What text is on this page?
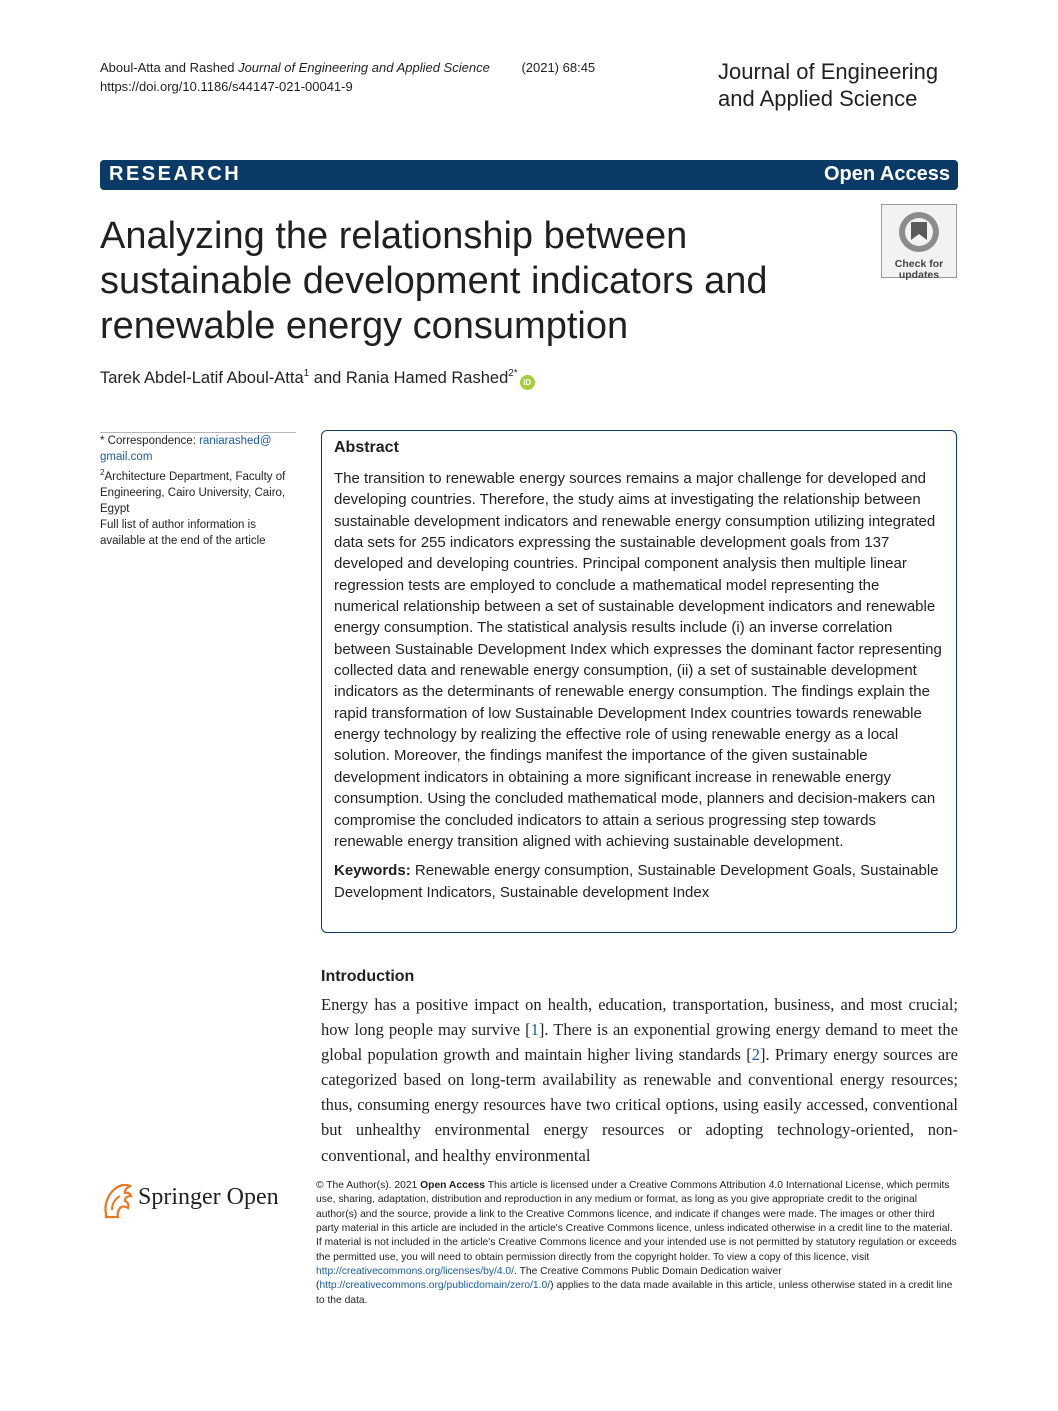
Aboul-Atta and Rashed Journal of Engineering and Applied Science (2021) 68:45
https://doi.org/10.1186/s44147-021-00041-9
Journal of Engineering
and Applied Science
RESEARCH	Open Access
Analyzing the relationship between sustainable development indicators and renewable energy consumption
Check for
updates
Tarek Abdel-Latif Aboul-Atta$^1$ and Rania Hamed Rashed$^{2*}$iD
* Correspondence: raniarashed@
gmail.com
$^2$Architecture Department, Faculty of Engineering, Cairo University, Cairo, Egypt
Full list of author information is available at the end of the article
Abstract

The transition to renewable energy sources remains a major challenge for developed and developing countries. Therefore, the study aims at investigating the relationship between sustainable development indicators and renewable energy consumption utilizing integrated data sets for 255 indicators expressing the sustainable development goals from 137 developed and developing countries. Principal component analysis then multiple linear regression tests are employed to conclude a mathematical model representing the numerical relationship between a set of sustainable development indicators and renewable energy consumption. The statistical analysis results include (i) an inverse correlation between Sustainable Development Index which expresses the dominant factor representing collected data and renewable energy consumption, (ii) a set of sustainable development indicators as the determinants of renewable energy consumption. The findings explain the rapid transformation of low Sustainable Development Index countries towards renewable energy technology by realizing the effective role of using renewable energy as a local solution. Moreover, the findings manifest the importance of the given sustainable development indicators in obtaining a more significant increase in renewable energy consumption. Using the concluded mathematical mode, planners and decision-makers can compromise the concluded indicators to attain a serious progressing step towards renewable energy transition aligned with achieving sustainable development.

Keywords: Renewable energy consumption, Sustainable Development Goals, Sustainable Development Indicators, Sustainable development Index

Introduction

Energy has a positive impact on health, education, transportation, business, and most crucial; how long people may survive [1]. There is an exponential growing energy demand to meet the global population growth and maintain higher living standards [2]. Primary energy sources are categorized based on long-term availability as renewable and conventional energy resources; thus, consuming energy resources have two critical options, using easily accessed, conventional but unhealthy environmental energy resources or adopting technology-oriented, non-conventional, and healthy environmental

Springer Open	© The Author(s). 2021 Open Access This article is licensed under a Creative Commons Attribution 4.0 International License, which permits use, sharing, adaptation, distribution and reproduction in any medium or format, as long as you give appropriate credit to the original author(s) and the source, provide a link to the Creative Commons licence, and indicate if changes were made. The images or other third party material in this article are included in the article's Creative Commons licence, unless indicated otherwise in a credit line to the material. If material is not included in the article's Creative Commons licence and your intended use is not permitted by statutory regulation or exceeds the permitted use, you will need to obtain permission directly from the copyright holder. To view a copy of this licence, visit http://creativecommons.org/licenses/by/4.0/. The Creative Commons Public Domain Dedication waiver (http://creativecommons.org/publicdomain/zero/1.0/) applies to the data made available in this article, unless otherwise stated in a credit line to the data.
